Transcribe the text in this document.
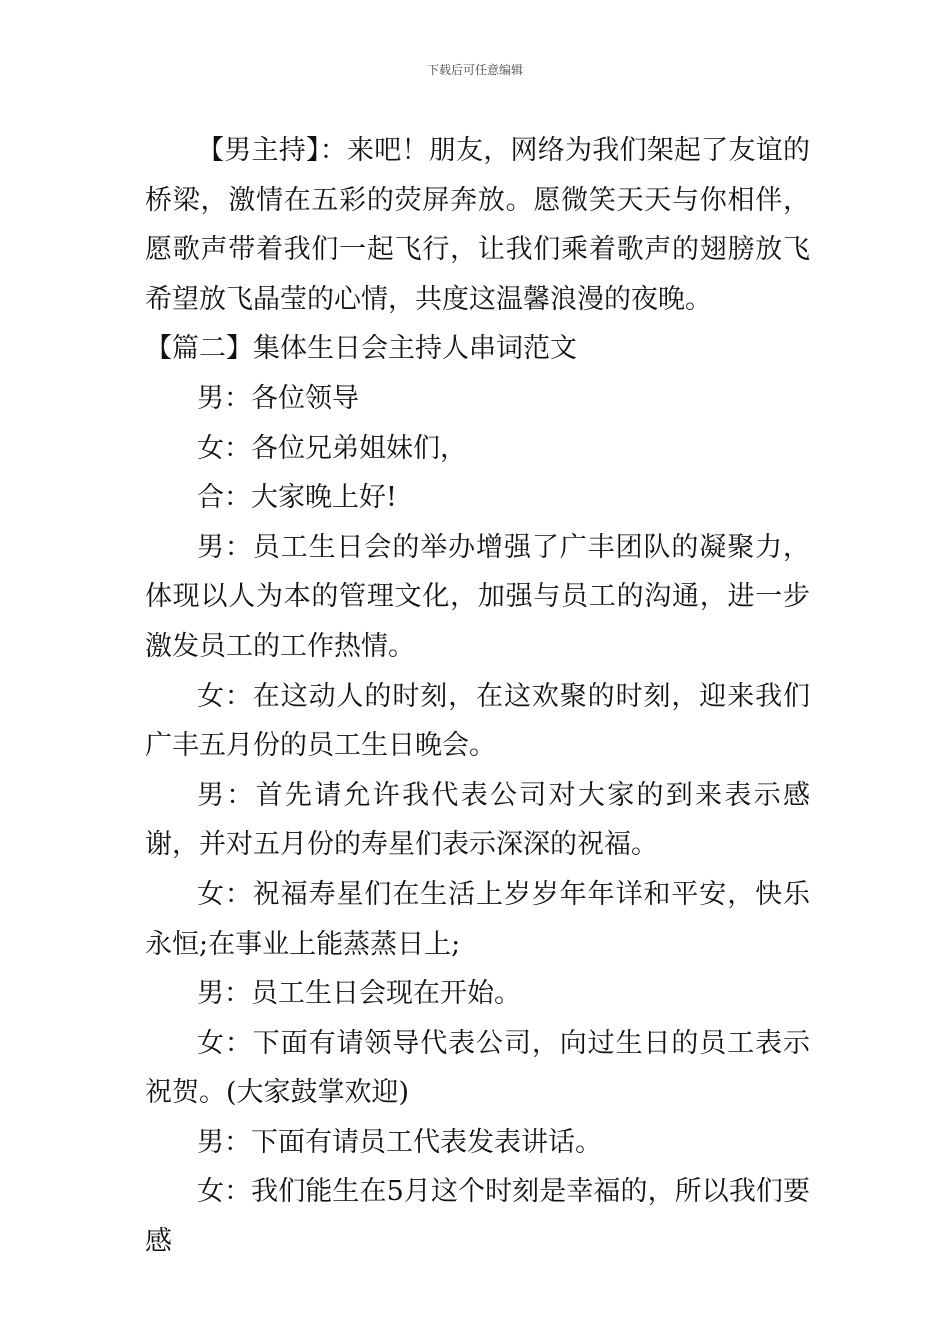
下载后可任意编辑

【男主持】：来吧！朋友，网络为我们架起了友谊的桥梁，激情在五彩的荧屏奔放。愿微笑天天与你相伴，愿歌声带着我们一起飞行，让我们乘着歌声的翅膀放飞希望放飞晶莹的心情，共度这温馨浪漫的夜晚。

【篇二】集体生日会主持人串词范文

男：各位领导

女：各位兄弟姐妹们，

合：大家晚上好!

男：员工生日会的举办增强了广丰团队的凝聚力，体现以人为本的管理文化，加强与员工的沟通，进一步激发员工的工作热情。

女：在这动人的时刻，在这欢聚的时刻，迎来我们广丰五月份的员工生日晚会。

男：首先请允许我代表公司对大家的到来表示感谢，并对五月份的寿星们表示深深的祝福。

女：祝福寿星们在生活上岁岁年年详和平安，快乐永恒;在事业上能蒸蒸日上;

男：员工生日会现在开始。

女：下面有请领导代表公司，向过生日的员工表示祝贺。(大家鼓掌欢迎)

男：下面有请员工代表发表讲话。

女：我们能生在5月这个时刻是幸福的，所以我们要感
